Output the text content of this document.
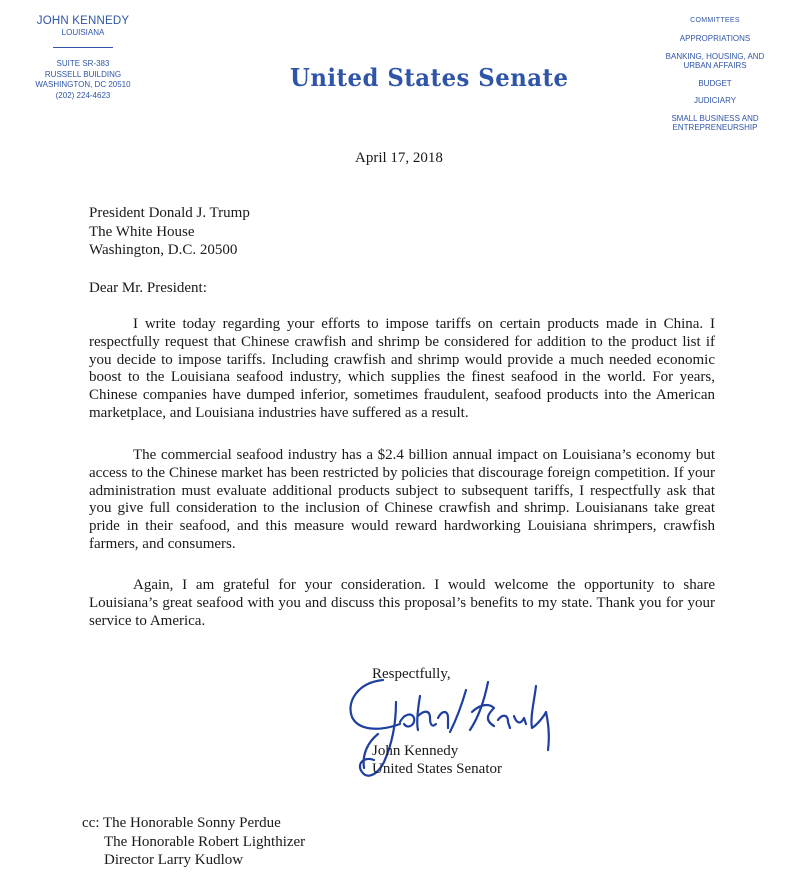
JOHN KENNEDY
LOUISIANA
SUITE SR-383
RUSSELL BUILDING
WASHINGTON, DC 20510
(202) 224-4623
United States Senate
COMMITTEES
APPROPRIATIONS
BANKING, HOUSING, AND URBAN AFFAIRS
BUDGET
JUDICIARY
SMALL BUSINESS AND ENTREPRENEURSHIP
April 17, 2018
President Donald J. Trump
The White House
Washington, D.C. 20500
Dear Mr. President:

I write today regarding your efforts to impose tariffs on certain products made in China. I respectfully request that Chinese crawfish and shrimp be considered for addition to the product list if you decide to impose tariffs. Including crawfish and shrimp would provide a much needed economic boost to the Louisiana seafood industry, which supplies the finest seafood in the world. For years, Chinese companies have dumped inferior, sometimes fraudulent, seafood products into the American marketplace, and Louisiana industries have suffered as a result.

The commercial seafood industry has a $2.4 billion annual impact on Louisiana’s economy but access to the Chinese market has been restricted by policies that discourage foreign competition. If your administration must evaluate additional products subject to subsequent tariffs, I respectfully ask that you give full consideration to the inclusion of Chinese crawfish and shrimp. Louisianans take great pride in their seafood, and this measure would reward hardworking Louisiana shrimpers, crawfish farmers, and consumers.

Again, I am grateful for your consideration. I would welcome the opportunity to share Louisiana’s great seafood with you and discuss this proposal’s benefits to my state. Thank you for your service to America.

Respectfully,
John Kennedy
United States Senator
cc: The Honorable Sonny Perdue
The Honorable Robert Lighthizer
Director Larry Kudlow
